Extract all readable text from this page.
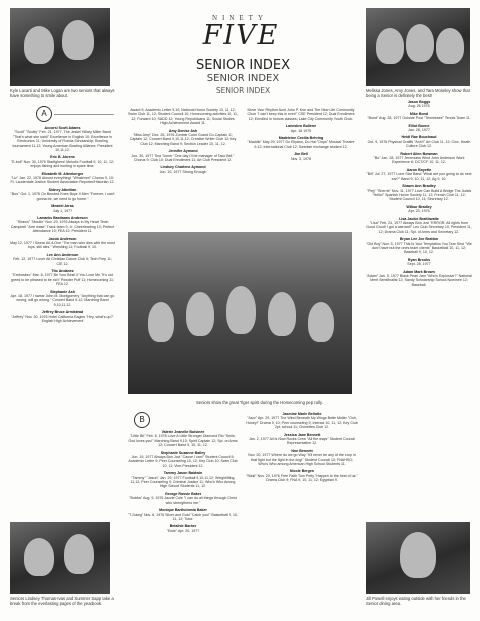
Kyle Lacarti and Mike Logan are two seniors that always have something to smile about.
Melissa Jones, Amy Jones, and Tara Moseley show that being a Senior is definitely the best!
NINETY
FIVE
SENIOR INDEX
SENIOR INDEX
SENIOR INDEX
A
Seniors show the great Tiger spirit during the Homecoming pep rally.
B
Seniors Lindsey Thomas-Ivas and Summer Sapp take a break from the everlasting pages of the yearbook.
Jill Powell enjoys eating outside with her friends in the Senior dining area.
Accorsi Scott Adams
"Scott" "Scotty" Feb. 21, 1977. The Jeskel Hillary Miller Band "That's what she said!" Excellence in English 10; Excellence in Electronics 11; University of Florida Scholarship; Bowling tournament 11,12; Young American Bowling Alliance; President 10,11,12.
Eric B. Ahrens
"E-boll" Nov. 30, 1976 Starfighers! Melodic Football 9, 10, 11, 12; enjoys fishing and hunting in spare time.
Elizabeth M. Altenberger
"Liz" Jan. 22, 1978 Almost everything! "Whatever!" Chorus 9, 10; Ft. Lauderdale Justice Student Association Reporter/Historian 12.
Sidney Atkeilian
"Boo" Oct. 1, 1976 On Bended Knee Boyz II Men "Forever, I can't gonna be, we need to go home."
Meadel Arras
July 1, 1977
Lamarks Bastiaans Anderson
"Shawn" "Moutin" Nov. 29, 1976 Always in My Heart Tevin Campbell "Arre wase" Track team 9; Jr. Cheerleading 10; Perfect Attendance 10; FEA 12; President 11.
Jacob Anderson
May 12, 1977 I Swear All-4-One "The man who dies with the most toys, still dies." Wrestling 11; Football 9, 10.
Lee Ann Anderson
Feb. 12, 1977 Lover All Christian Dance Club 9; Tech Prep 11; CIE 12.
Tito Andanez
"Erebusitzo" Mar. 8, 1977 Be Your Best! If You Love Me "It's not greed to be pleased to be rich" Powder Puff 11; Homecoming 11; FEA 12.
Stephanie Ash
Apr. 18, 1977 I swear John M. Montgomery "Anything that can go wrong, will go wrong." Concert Band 9-12; Marching Band 9,10,11,12.
Jeffrey Bruce Armistead
"Jeffrey" Nov. 30, 1976 Hotel California Eagles "Hey, what's up?" English High Achievement
Award 9; Academic Letter 9,10; National Honor Society 10, 11, 12; Swim Club 11, 12; Student Council 10; Homecoming activities 10, 11, 12; Forward 10; SADD 12; Young Republicans 11; Social Studies High Achievement Award 11.
Amy Denise Ash
"Miss Amy" Dec. 26, 1976 Zombie Color Guard Co-Captain 11; Captain 12; Concert Band 9,10,11,12; Creative Writer Club 12; Key Club 12; Marching Band 9; Section Leader 10, 11, 12.
Jennifer Aymond
Jun. 30, 1977 Tina Turner "One day I'll be manager of Taco Bell." Chorus 9; Club 10; Dual Enrollment 11; Art Club President 12.
Lindsey Charlene Aymond
Jun. 10, 1977 Strong Enough
Valerie Jeanelle Bulsinee
"Little Bit" Feb. 8, 1978 Love A Little Stronger Diamond Rio "Smile, God loves you!" Marching Band 9,10; Spirit Captain 12; Spl. on Arms 12; Concert Band 9, 10, 11, 12.
Stephanie Suzanne Bailey
Jun. 19, 1977 Always Bon Jovi "Cause I can!" Student Council 9; Academic Letter 9; Peer Counseling 10, 12; Key Club 10; Swim Club 10, 11; Vice-President 12.
Tammy Jason Baldwin
"Tammy" "Jason" Jan. 29, 1977 Football 9,10,11,12; Weightlifting 11,12; Peer Counseling 9; Criminal Justice 11; Who's Who Among High School Students 11, 12.
George Rossie Baker
"Bubba" Aug. 9, 1976 Jazzie Cole "I can do all things through Christ who strengthens me."
Monique Bartholomia Baker
"T-Dawg" Nov. 6, 1976 Silver and Gold "Catch you!" Basketball 9, 10, 11, 12; Tutor.
Betalhie Barber
"Ewie" Apr. 20, 1977
Move Your Rhythm Aunt John P. Kee and The New Life Community Choir "I can't keep this in ever!" CSE President 12; Dual Enrollment 12; Enrolled in honors classes; Lake City Community Youth Choir.
Lanesbro Bullene
Apr. 18 1975
Madeleine Cecilia Behring
"Maddie" May 29, 1977 Du Ellyano, Du Hai "Oops" Musical Theatre 9-12; International Club 12; Swedish exchange student 12.
Jim Bell
Nov. 3, 1976
Jasmine Marie Bellotte
"Jazz" Apr. 29, 1977 The Wind Beneath My Wings Bette Midler "Ooh, Honey!" Drama 9, 10; Peer counseling 9; Interact 10, 11, 12; Key Club 2pt; school 11; Civinettes Club 12.
Jessica Jane Bennett
Jan. 2, 1977 All Is Now Rocks Crew "All the ways" Student Council Representative 12.
Nnn Bennett
Nov. 20, 1977 Where do we go Way "It'll never be any of the crop in that fight but the fight in the dog!" Student Council 10; FNAHSO; Who's Who among American High School Students 11.
Nicole Bergen
"Nikki" Nov. 20, 1976 Free Faith Tom Petty "Happen to the best of us." Drama Club 9; FNA 9, 10, 11, 12; Egyptian 9.
Jason Boggs
Aug. 26 1976
Mike Bond
"Bond" Aug. 28, 1977 Outside Pool "Tennessee" Tennis Team 11.
Elliot Bonne
Jan. 28, 1977
Heidi Rae Bouchaud
Oct. 9, 1976 Physical Graffiti "Anh!!" Art Club 11, 12; Cinc. Heath Culture Club 12.
Robert Allen Bowman
"Bo" Jan. 28, 1977 Jeremiahs Wind John Anderson Work Experience 6; DCT/CF 10, 11, 12.
Aaron Boyette
"Bill" Jul. 27, 1977 Lone Star Band "What are you going to do next ear?" Band 9, 10, 11, 12; Ag 9, 10.
Shawn Ann Bradley
"Peg" "Sherrie" Nov. 11, 1977 Love Can Build A Bridge The Judds "Hello!" Spanish Honor Society 11, 12; French Club 11, 12; Student Council 10, 11; Secretary 12.
Wilbur Bradley
Apr. 23, 1976
Lisa Jackie Braithwaite
"Lisa" Feb. 24, 1977 Always Bon Jovi "ERROR: All rights from Good Good! I got a warrant!" Leo Club Secretary 10; President 11, 12; Drama Club 11; Spl. of Arms and Secretary 12.
Bryan Lee Joe Bratton
"Old Boy" Nov. 5, 1977 This Is Your Temptation You Tear Shot "We don't have but the ones team clients" Basketball 10, 11, 12; Baseball 9, 10, 12.
Ryan Brooks
Sept. 28, 1977
Adam Mark Brown
"Adam" Jan. 5, 1977 Black Pearl Jam "Who's Explosive?" National Merit Semifinalist 12; Sandy Scholarship School Nominee 12; Baseball.
